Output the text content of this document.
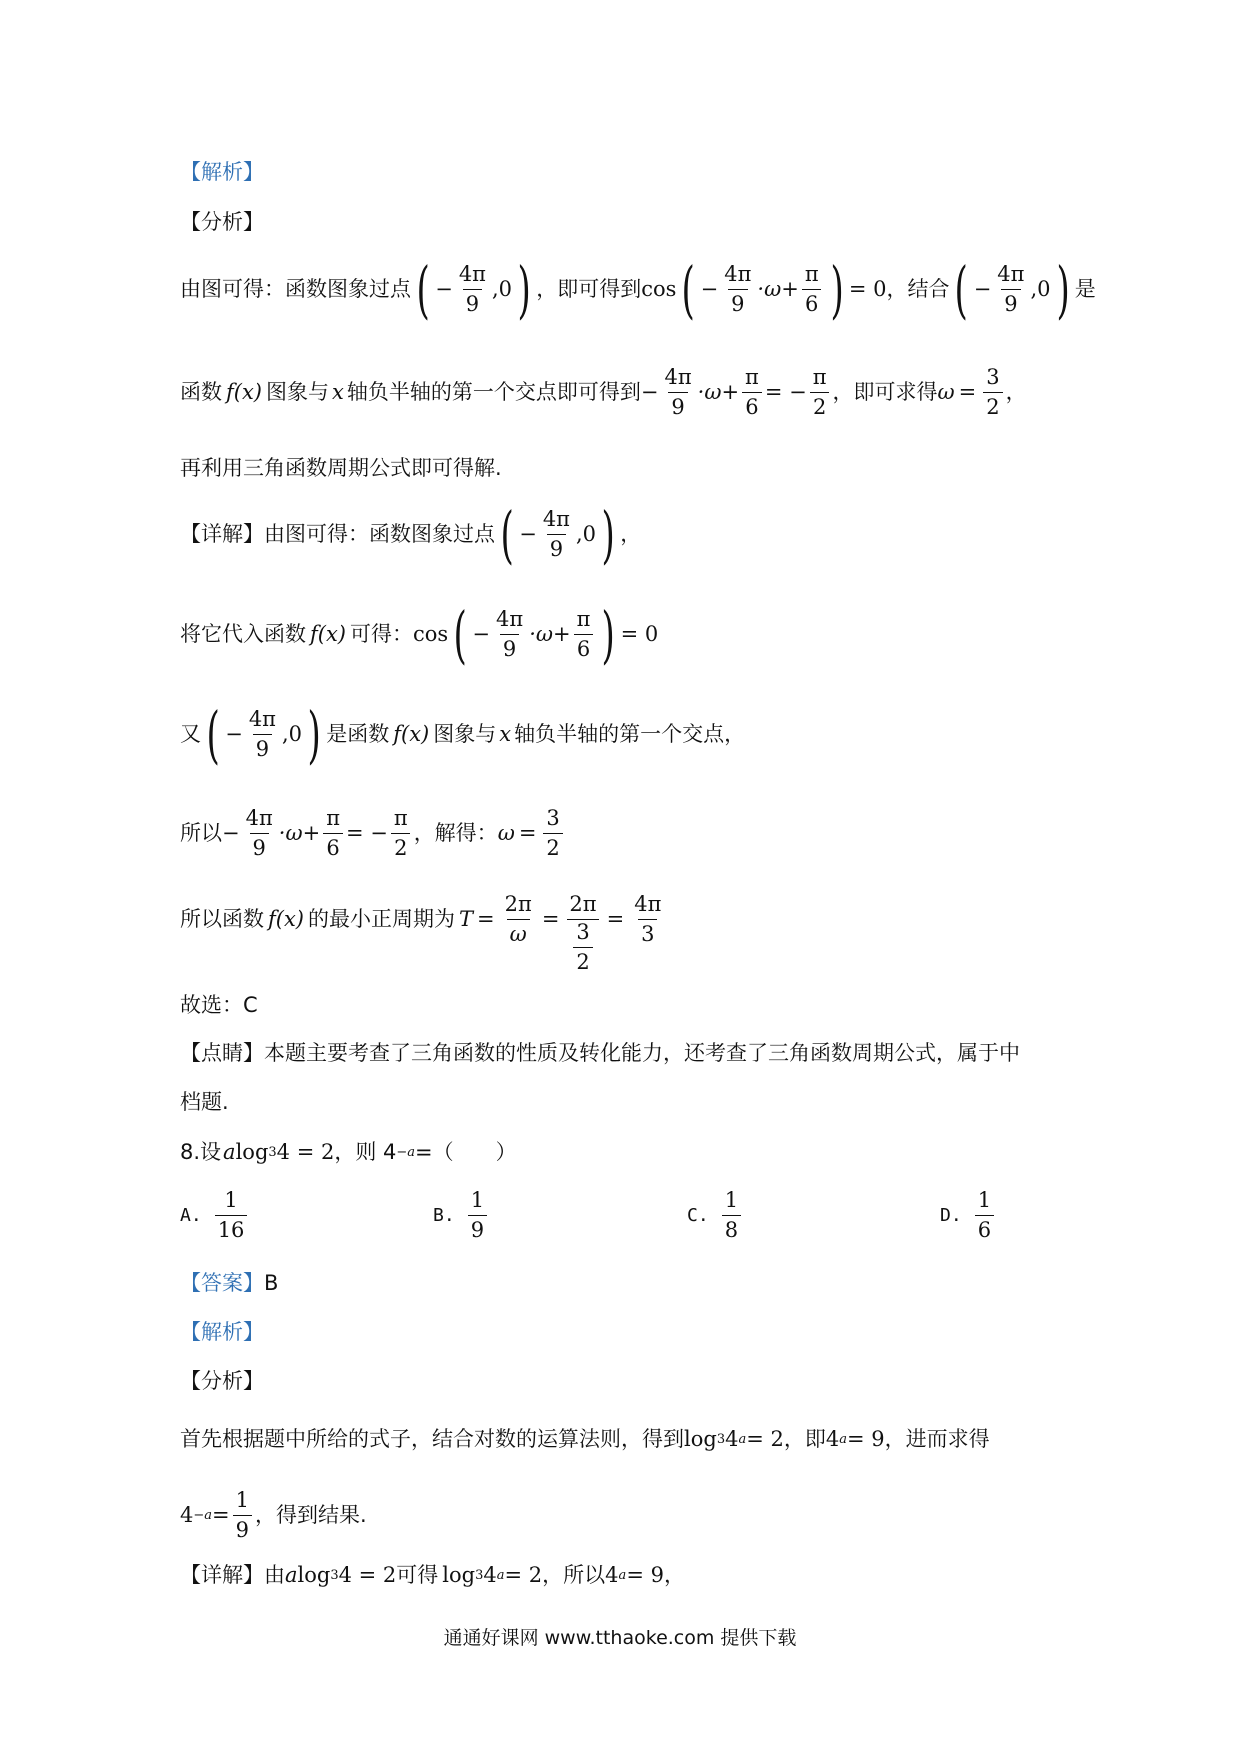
【解析】
【分析】
由图可得：函数图象过点 ( − $\frac{4\pi}{9}$ , 0 ) ，即可得到 cos ( − $\frac{4\pi}{9} \cdot\omega+ \frac{\pi}{6}$ ) = 0 ，结合 ( − $\frac{4\pi}{9}$ , 0 ) 是
函数 f(x) 图象与 x 轴负半轴的第一个交点即可得到 − $\frac{4\pi}{9} \cdot\omega+ \frac{\pi}{6}$ = − $\frac{\pi}{2}$ ，即可求得 $\omega = \frac{3}{2}$ ，
再利用三角函数周期公式即可得解.
【详解】 由图可得：函数图象过点 ( − $\frac{4\pi}{9}$ , 0 ) ，
将它代入函数 f(x) 可得： cos ( − $\frac{4\pi}{9} \cdot\omega+ \frac{\pi}{6}$ ) = 0
又 ( − $\frac{4\pi}{9}$ , 0 ) 是函数 f(x) 图象与 x 轴负半轴的第一个交点，
所以 − $\frac{4\pi}{9} \cdot\omega+ \frac{\pi}{6}$ = − $\frac{\pi}{2}$ ，解得： $\omega = \frac{3}{2}$
所以函数 f(x) 的最小正周期为 $T = \frac{2\pi}{\omega} = \frac{2\pi}{\frac{3}{2}} = \frac{4\pi}{3}$
故选：C
【点睛】 本题主要考查了三角函数的性质及转化能力，还考查了三角函数周期公式，属于中
档题.
8.设 a log 3 4 = 2 ，则 4 −a =（　　）
A. $\frac{1}{16}$	B. $\frac{1}{9}$	C. $\frac{1}{8}$	D. $\frac{1}{6}$
【答案】 B
【解析】
【分析】
首先根据题中所给的式子，结合对数的运算法则，得到 log 3 4 a = 2 ，即 4 a = 9 ，进而求得
$4 -a = \frac{1}{9}$ ，得到结果.
【详解】 由 a log 3 4 = 2 可得 log 3 4 a = 2 ，所以 4 a = 9 ，
通通好课网 www.tthaoke.com 提供下载
